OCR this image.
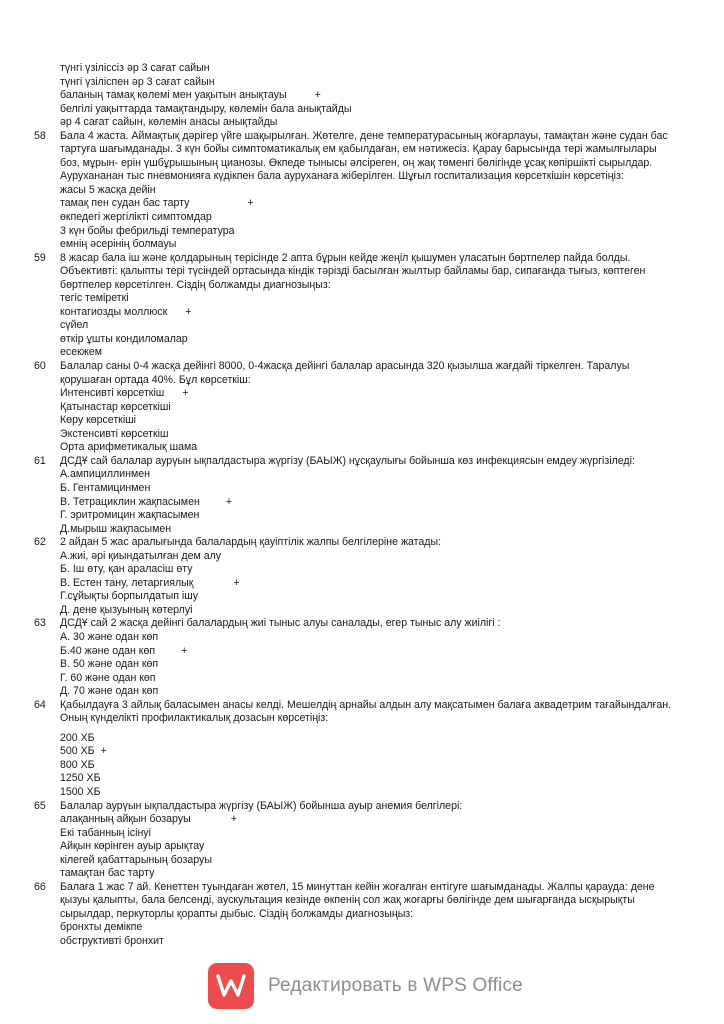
түнгі үзіліссіз әр 3 сағат сайын
түнгі үзіліспен әр 3 сағат сайын
баланың тамақ көлемі мен уақытын анықтауы	+
белгілі уақыттарда тамақтандыру, көлемін бала анықтайды
әр 4 сағат сайын, көлемін анасы анықтайды
58 Бала 4 жаста. Аймақтық дәрігер үйге шақырылған. Жөтелге, дене температурасының жоғарлауы, тамақтан және судан бас тартуға шағымданады. 3 күн бойы симптоматикалық ем қабылдаған, ем нәтижесіз. Қарау барысында тері жамылғылары боз, мұрын- ерін үшбұрышының цианозы. Өкпеде тынысы әлсіреген, оң жақ төменгі бөлігінде ұсақ көпіршікті сырылдар. Аурухананан тыс пневмонияға күдікпен бала ауруханаға жіберілген. Шұғыл госпитализация көрсеткішін көрсетіңіз:
жасы 5 жасқа дейін
тамақ пен судан бас тарту	+
өкпедегі жергілікті симптомдар
3 күн бойы фебрильді температура
емнің әсерінің болмауы
59 8 жасар бала іш және қолдарының терісінде 2 апта бұрын кейде жеңіл қышумен уласатын бөртпелер пайда болды. Объективті: қалыпты тері түсіндей ортасында кіндік тәрізді басылған жылтыр байламы бар, сипағанда тығыз, көптеген бөртпелер көрсетілген. Сіздің болжамды диагнозыңыз:
тегіс теміреткі
контагиозды моллюск +
сүйел
өткір ұшты кондиломалар
есекжем
60 Балалар саны 0-4 жасқа дейінгі 8000, 0-4жасқа дейінгі балалар арасында 320 қызылша жағдайі тіркелген. Таралуы қорушаған ортада 40%. Бұл көрсеткіш:
Интенсивті көрсеткіш +
Қатынастар көрсеткіші
Көру көрсеткіші
Экстенсивті көрсеткіш
Орта арифметикалық шама
61 ДСДҰ сай балалар аурүын ықпалдастыра жүргізу (БАЫЖ) нұсқаулығы бойынша көз инфекциясын емдеу жүргізіледі:
А.ампициллинмен
Б. Гентамицинмен
В. Тетрациклин жақпасымен +
Г. эритромицин жақпасымен
Д.мырыш жақпасымен
62 2 айдан 5 жас аралығында балалардың қауіптілік жалпы белгілеріне жатады:
А.жиі, әрі қиындатылған дем алу
Б. Іш өту, қан араласіш өту
В. Естен тану, летаргиялық	+
Г.сұйықты борпылдатып ішу
Д. дене қызуының көтерлуі
63 ДСДҰ сай 2 жасқа дейінгі балалардың жиі тыныс алуы саналады, егер тыныс алу жиілігі :
А. 30 және одан көп
Б.40 және одан көп +
В. 50 және одан көп
Г. 60 және одан көп
Д. 70 және одан көп
64 Қабылдауға 3 айлық баласымен анасы келді. Мешелдің арнайы алдын алу мақсатымен балаға аквадетрим тағайындалған. Оның күнделікті профилактикалық дозасын көрсетіңіз:
200 ХБ
500 ХБ +
800 ХБ
1250 ХБ
1500 ХБ
65 Балалар аурүын ықпалдастыра жүргізу (БАЫЖ) бойынша ауыр анемия белгілері:
алақанның айқын бозаруы	+
Екі табанның ісінуі
Айқын көрінген ауыр арықтау
кілегей қабаттарының бозаруы
тамақтан бас тарту
66 Балаға 1 жас 7 ай. Кенеттен туындаған жөтел, 15 минуттан кейін жоғалған ентігуге шағымданады. Жалпы қарауда: дене қызуы қалыпты, бала белсенді, аускультация кезінде өкпенің сол жақ жоғарғы бөлігінде дем шығарғанда ысқырықты сырылдар, перкуторлы қорапты дыбыс. Сіздің болжамды диагнозыңыз:
бронхты демікпе
обструктивті бронхит
Редактировать в WPS Office
